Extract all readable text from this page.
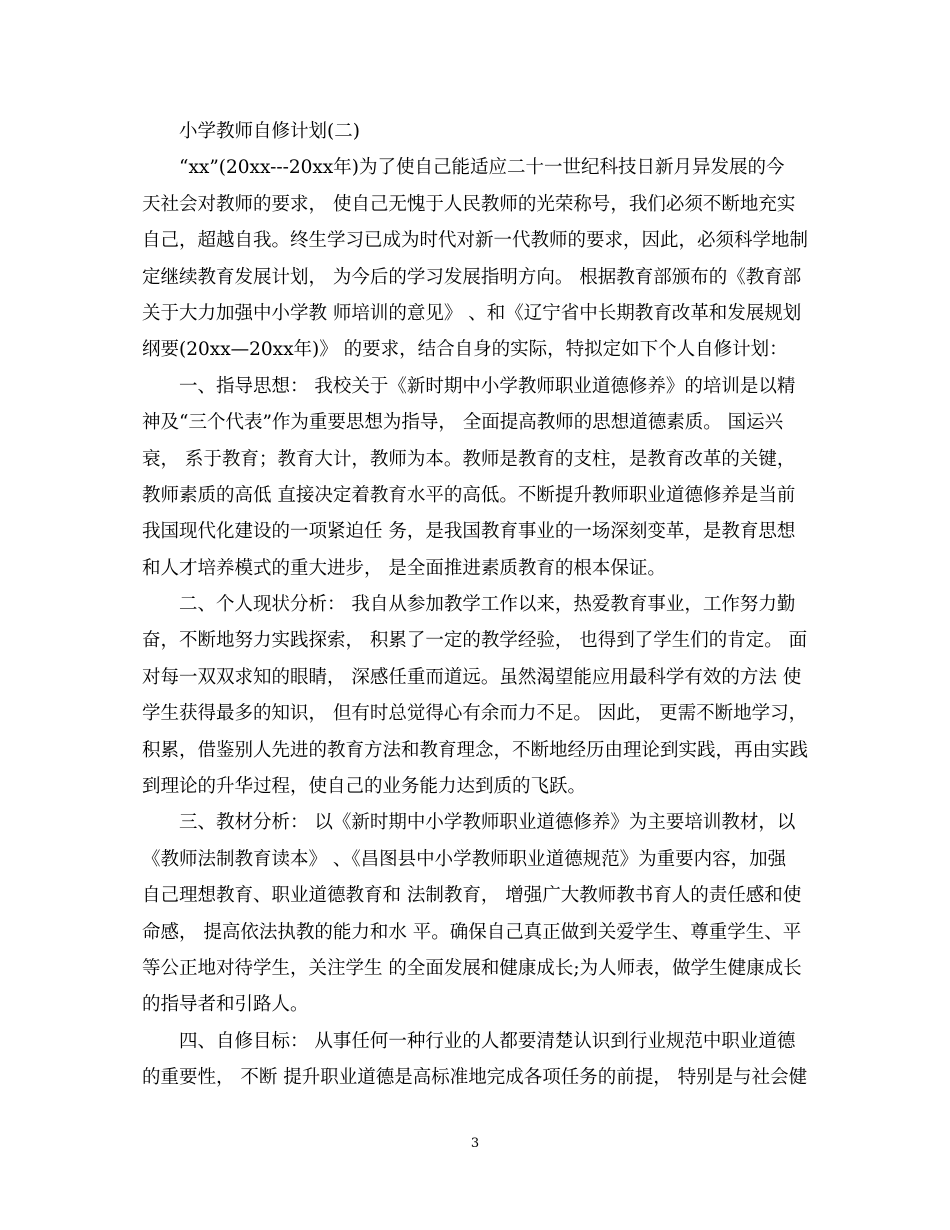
小学教师自修计划(二)
“xx”(20xx---20xx年)为了使自己能适应二十一世纪科技日新月异发展的今
天社会对教师的要求， 使自己无愧于人民教师的光荣称号，我们必须不断地充实
自己，超越自我。终生学习已成为时代对新一代教师的要求，因此，必须科学地制
定继续教育发展计划， 为今后的学习发展指明方向。 根据教育部颁布的《教育部
关于大力加强中小学教 师培训的意见》 、和《辽宁省中长期教育改革和发展规划
纲要(20xx—20xx年)》 的要求，结合自身的实际，特拟定如下个人自修计划：
一、指导思想： 我校关于《新时期中小学教师职业道德修养》的培训是以精
神及“三个代表”作为重要思想为指导， 全面提高教师的思想道德素质。 国运兴
衰， 系于教育；教育大计，教师为本。教师是教育的支柱，是教育改革的关键，
教师素质的高低 直接决定着教育水平的高低。不断提升教师职业道德修养是当前
我国现代化建设的一项紧迫任 务，是我国教育事业的一场深刻变革，是教育思想
和人才培养模式的重大进步， 是全面推进素质教育的根本保证。
二、个人现状分析： 我自从参加教学工作以来，热爱教育事业，工作努力勤
奋，不断地努力实践探索， 积累了一定的教学经验， 也得到了学生们的肯定。 面
对每一双双求知的眼睛， 深感任重而道远。虽然渴望能应用最科学有效的方法 使
学生获得最多的知识， 但有时总觉得心有余而力不足。 因此， 更需不断地学习，
积累，借鉴别人先进的教育方法和教育理念，不断地经历由理论到实践，再由实践
到理论的升华过程，使自己的业务能力达到质的飞跃。
三、教材分析： 以《新时期中小学教师职业道德修养》为主要培训教材，以
《教师法制教育读本》 、《昌图县中小学教师职业道德规范》为重要内容，加强
自己理想教育、职业道德教育和 法制教育， 增强广大教师教书育人的责任感和使
命感， 提高依法执教的能力和水 平。确保自己真正做到关爱学生、尊重学生、平
等公正地对待学生，关注学生 的全面发展和健康成长;为人师表，做学生健康成长
的指导者和引路人。
四、自修目标： 从事任何一种行业的人都要清楚认识到行业规范中职业道德
的重要性， 不断 提升职业道德是高标准地完成各项任务的前提， 特别是与社会健
3
